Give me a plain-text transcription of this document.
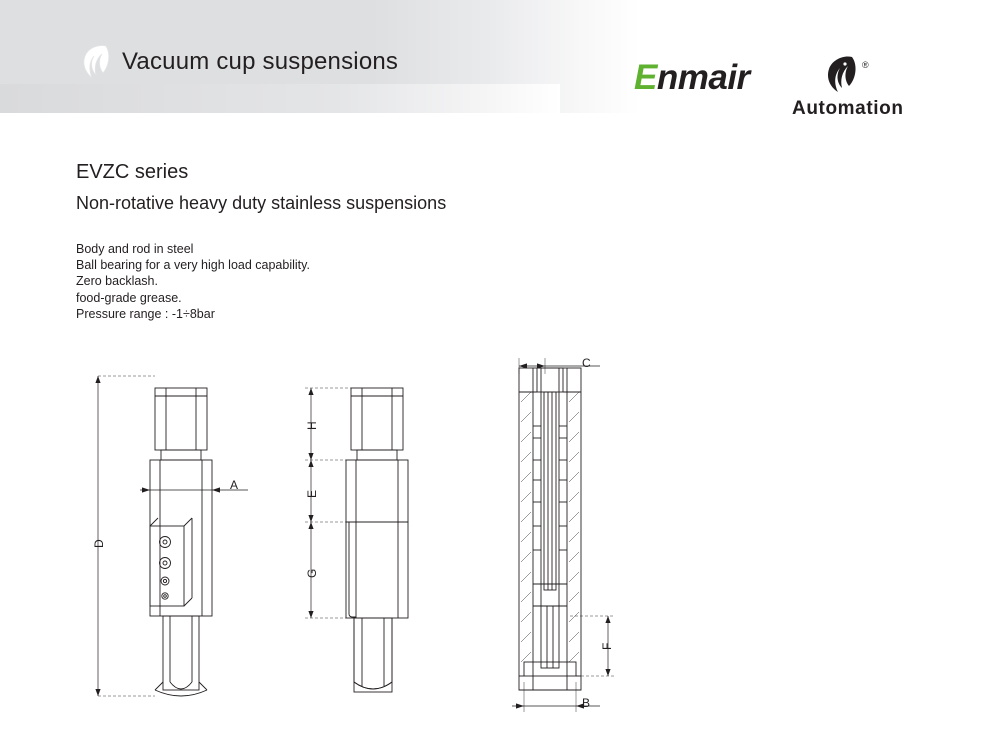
Vacuum cup suspensions	Enmair	®
Automation
EVZC series
Non-rotative heavy duty stainless suspensions
Body and rod in steel
Ball bearing for a very high load capability.
Zero backlash.
food-grade grease.
Pressure range : -1÷8bar
D
A
H
E
G
C
B
F
